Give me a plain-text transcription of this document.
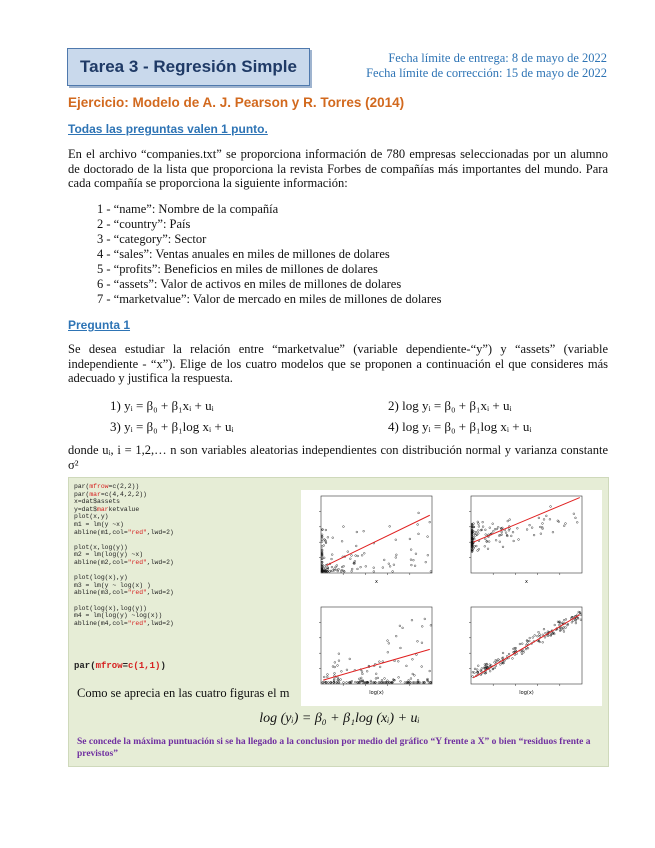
Tarea 3 - Regresión Simple	Fecha límite de entrega: 8 de mayo de 2022
Fecha límite de corrección: 15 de mayo de 2022
Ejercicio: Modelo de A. J. Pearson y R. Torres (2014)
Todas las preguntas valen 1 punto.
En el archivo “companies.txt” se proporciona información de 780 empresas seleccionadas por un alumno de doctorado de la lista que proporciona la revista Forbes de compañías más importantes del mundo. Para cada compañía se proporciona la siguiente información:
1 - “name”: Nombre de la compañía
2 - “country”: País
3 - “category”: Sector
4 - “sales”: Ventas anuales en miles de millones de dolares
5 - “profits”: Beneficios en miles de millones de dolares
6 - “assets”: Valor de activos en miles de millones de dolares
7 - “marketvalue”: Valor de mercado en miles de millones de dolares
Pregunta 1
Se desea estudiar la relación entre “marketvalue” (variable dependiente-“y”) y “assets” (variable independiente - “x”). Elige de los cuatro modelos que se proponen a continuación el que consideres más adecuado y justifica la respuesta.
1) yᵢ = β₀ + β₁xᵢ + uᵢ	2) log yᵢ = β₀ + β₁xᵢ + uᵢ
3) yᵢ = β₀ + β₁log xᵢ + uᵢ	4) log yᵢ = β₀ + β₁log xᵢ + uᵢ
donde uᵢ, i = 1,2,… n son variables aleatorias independientes con distribución normal y varianza constante σ²
par(mfrow=c(2,2))
par(mar=c(4,4,2,2))
x=dat$assets
y=dat$marketvalue
plot(x,y)
m1 = lm(y ~x)
abline(m1,col="red",lwd=2)
plot(x,log(y))
m2 = lm(log(y) ~x)
abline(m2,col="red",lwd=2)
plot(log(x),y)
m3 = lm(y ~ log(x) )
abline(m3,col="red",lwd=2)
plot(log(x),log(y))
m4 = lm(log(y) ~log(x))
abline(m4,col="red",lwd=2)
par(mfrow=c(1,1))
x	x
log(x)	log(x)
Como se aprecia en las cuatro figuras el m
log (yᵢ) = β₀ + β₁log (xᵢ) + uᵢ
Se concede la máxima puntuación si se ha llegado a la conclusion por medio del gráfico “Y frente a X” o bien “residuos frente a previstos”
